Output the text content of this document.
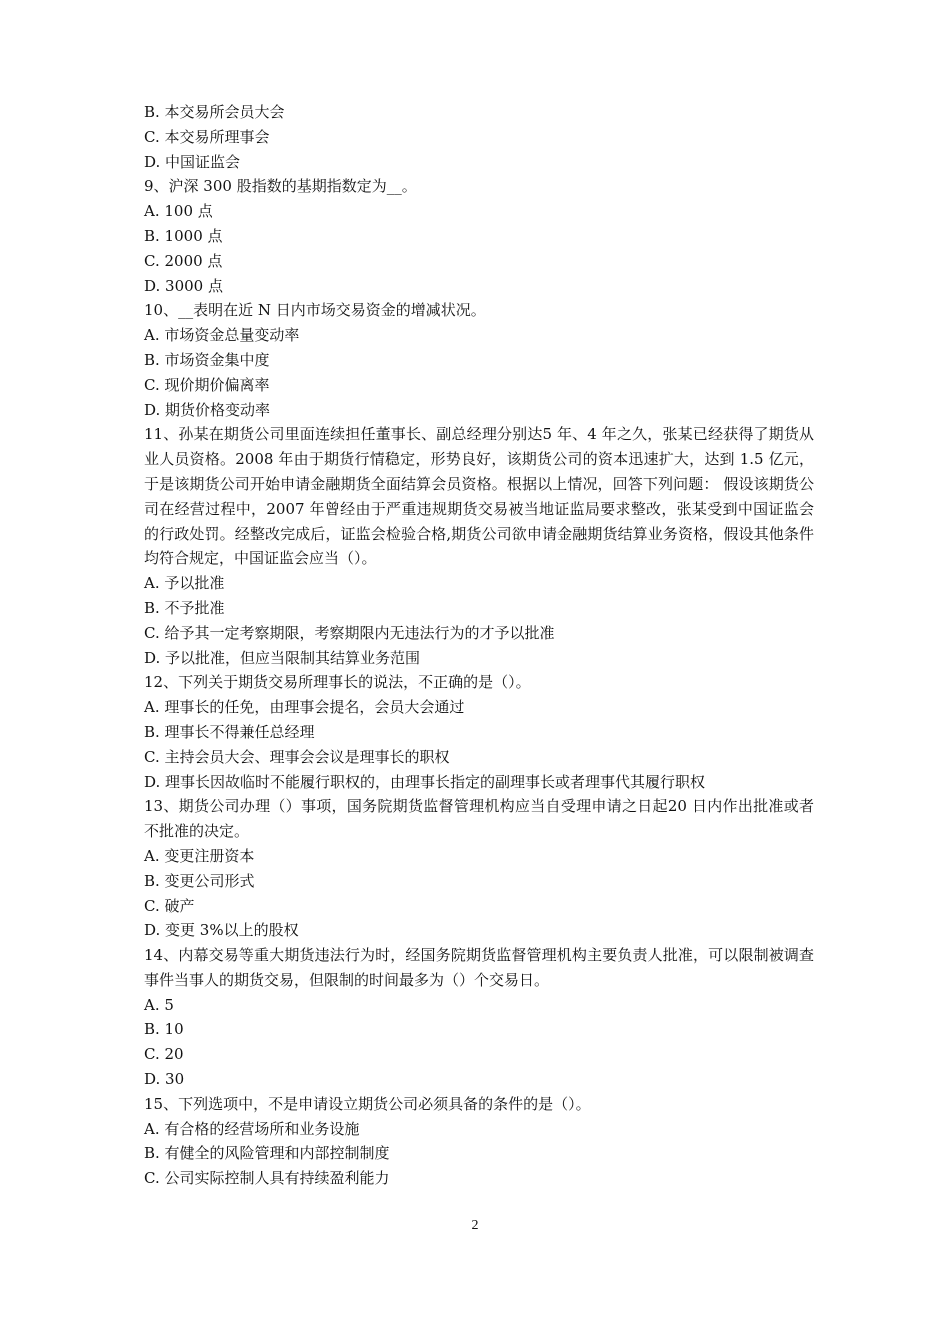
B. 本交易所会员大会
C. 本交易所理事会
D. 中国证监会
9、沪深 300 股指数的基期指数定为__。
A. 100 点
B. 1000 点
C. 2000 点
D. 3000 点
10、__表明在近 N 日内市场交易资金的增减状况。
A. 市场资金总量变动率
B. 市场资金集中度
C. 现价期价偏离率
D. 期货价格变动率
11、孙某在期货公司里面连续担任董事长、副总经理分别达5 年、4 年之久，张某已经获得了期货从业人员资格。2008 年由于期货行情稳定，形势良好，该期货公司的资本迅速扩大，达到 1.5 亿元，于是该期货公司开始申请金融期货全面结算会员资格。根据以上情况，回答下列问题： 假设该期货公司在经营过程中，2007 年曾经由于严重违规期货交易被当地证监局要求整改，张某受到中国证监会的行政处罚。经整改完成后，证监会检验合格,期货公司欲申请金融期货结算业务资格，假设其他条件均符合规定，中国证监会应当（）。
A. 予以批准
B. 不予批准
C. 给予其一定考察期限，考察期限内无违法行为的才予以批准
D. 予以批准，但应当限制其结算业务范围
12、下列关于期货交易所理事长的说法，不正确的是（）。
A. 理事长的任免，由理事会提名，会员大会通过
B. 理事长不得兼任总经理
C. 主持会员大会、理事会会议是理事长的职权
D. 理事长因故临时不能履行职权的，由理事长指定的副理事长或者理事代其履行职权
13、期货公司办理（）事项，国务院期货监督管理机构应当自受理申请之日起20 日内作出批准或者不批准的决定。
A. 变更注册资本
B. 变更公司形式
C. 破产
D. 变更 3%以上的股权
14、内幕交易等重大期货违法行为时，经国务院期货监督管理机构主要负责人批准，可以限制被调查事件当事人的期货交易，但限制的时间最多为（）个交易日。
A. 5
B. 10
C. 20
D. 30
15、下列选项中，不是申请设立期货公司必须具备的条件的是（）。
A. 有合格的经营场所和业务设施
B. 有健全的风险管理和内部控制制度
C. 公司实际控制人具有持续盈利能力
2
